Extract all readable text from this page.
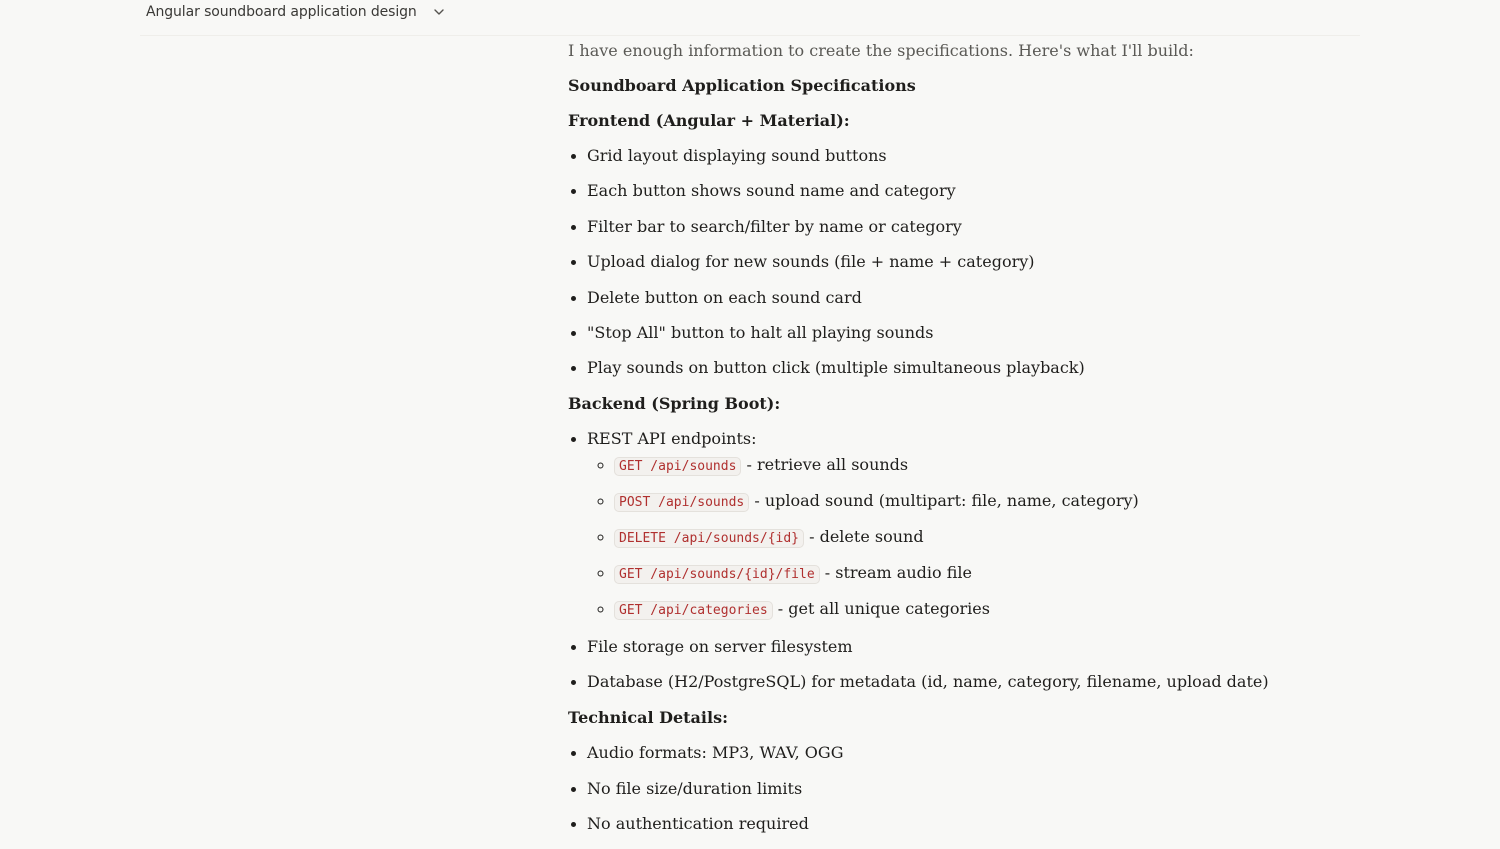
Angular soundboard application design

I have enough information to create the specifications. Here's what I'll build:

Soundboard Application Specifications

Frontend (Angular + Material):

• Grid layout displaying sound buttons
• Each button shows sound name and category
• Filter bar to search/filter by name or category
• Upload dialog for new sounds (file + name + category)
• Delete button on each sound card
• "Stop All" button to halt all playing sounds
• Play sounds on button click (multiple simultaneous playback)

Backend (Spring Boot):

• REST API endpoints:
◦ GET /api/sounds - retrieve all sounds
◦ POST /api/sounds - upload sound (multipart: file, name, category)
◦ DELETE /api/sounds/{id} - delete sound
◦ GET /api/sounds/{id}/file - stream audio file
◦ GET /api/categories - get all unique categories
• File storage on server filesystem
• Database (H2/PostgreSQL) for metadata (id, name, category, filename, upload date)

Technical Details:

• Audio formats: MP3, WAV, OGG
• No file size/duration limits
• No authentication required
